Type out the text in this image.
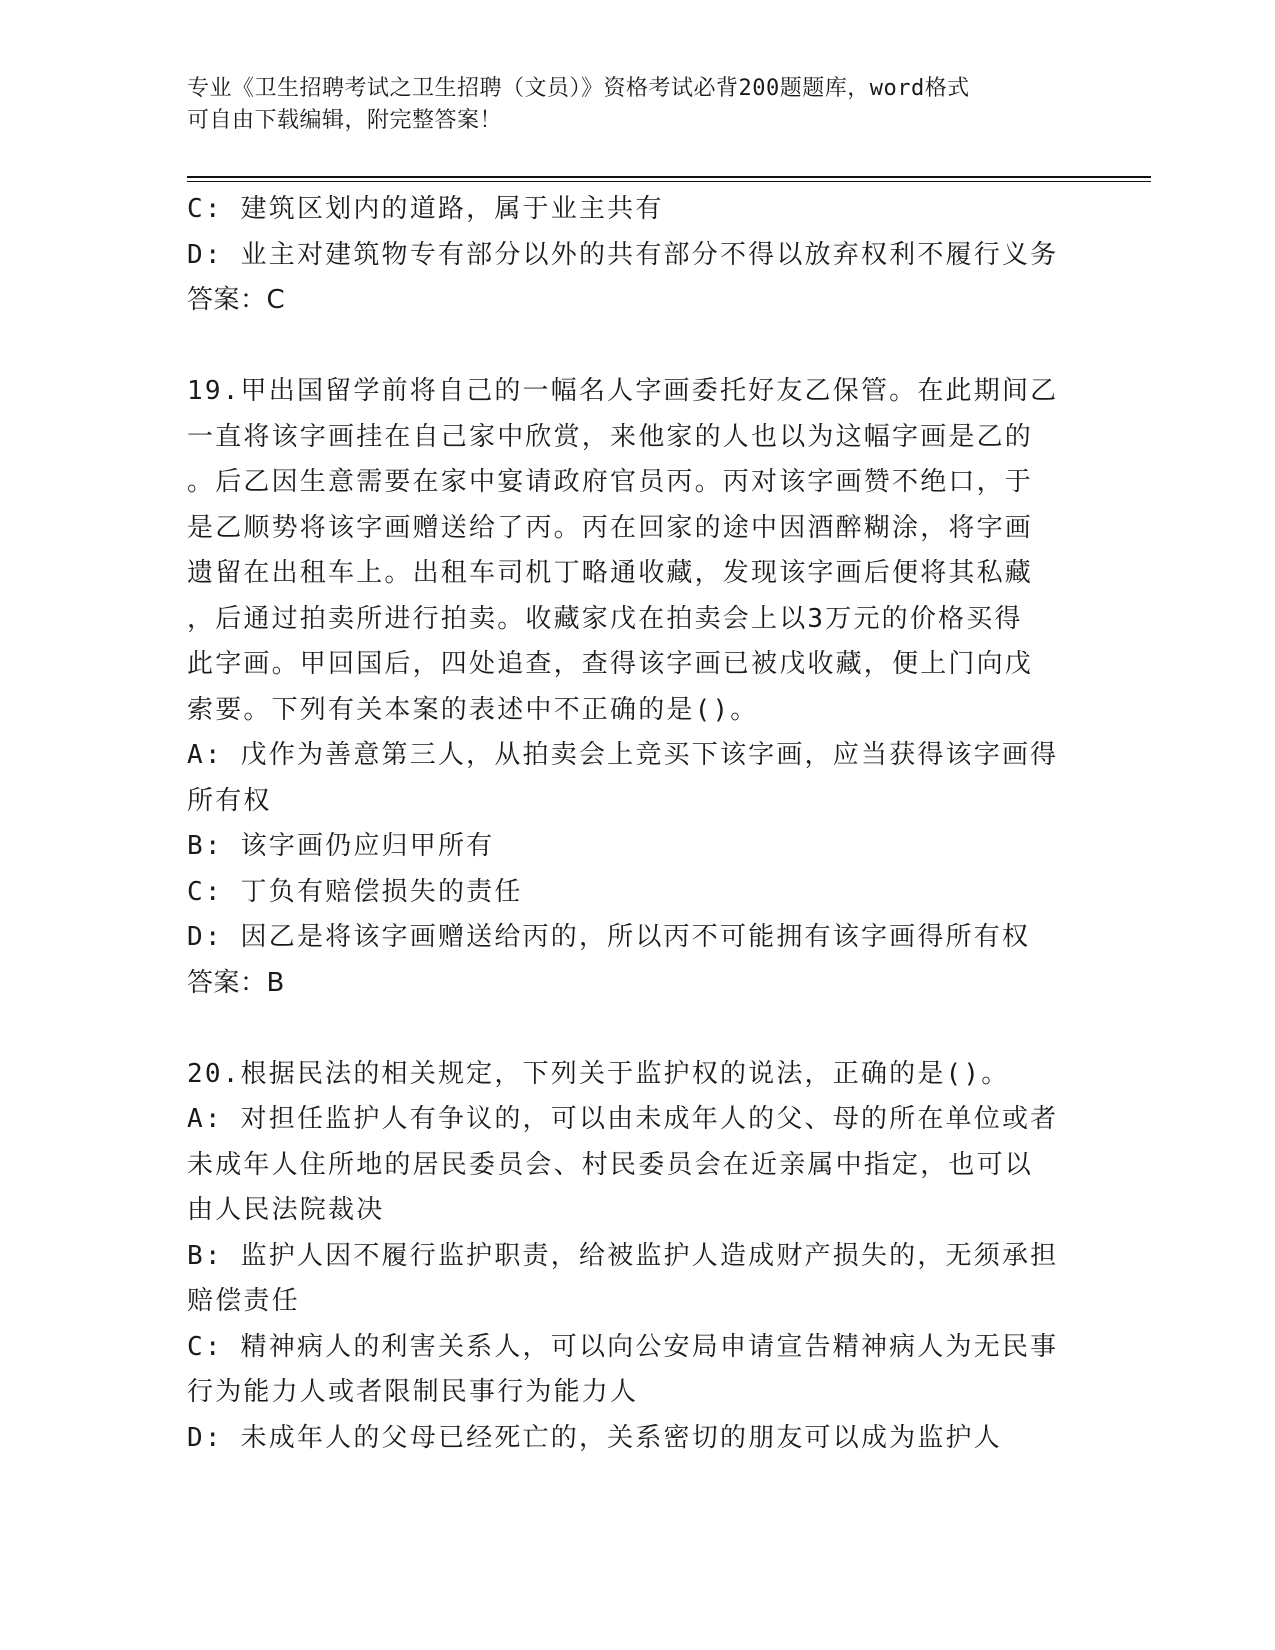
专业《卫生招聘考试之卫生招聘（文员）》资格考试必背200题题库，word格式

可自由下载编辑，附完整答案！

C: 建筑区划内的道路，属于业主共有
D: 业主对建筑物专有部分以外的共有部分不得以放弃权利不履行义务
答案：C
19.甲出国留学前将自己的一幅名人字画委托好友乙保管。在此期间乙
一直将该字画挂在自己家中欣赏，来他家的人也以为这幅字画是乙的
。后乙因生意需要在家中宴请政府官员丙。丙对该字画赞不绝口，于
是乙顺势将该字画赠送给了丙。丙在回家的途中因酒醉糊涂，将字画
遗留在出租车上。出租车司机丁略通收藏，发现该字画后便将其私藏
，后通过拍卖所进行拍卖。收藏家戊在拍卖会上以3万元的价格买得
此字画。甲回国后，四处追查，查得该字画已被戊收藏，便上门向戊
索要。下列有关本案的表述中不正确的是()。
A: 戊作为善意第三人，从拍卖会上竞买下该字画，应当获得该字画得
所有权
B: 该字画仍应归甲所有
C: 丁负有赔偿损失的责任
D: 因乙是将该字画赠送给丙的，所以丙不可能拥有该字画得所有权
答案：B
20.根据民法的相关规定，下列关于监护权的说法，正确的是()。
A: 对担任监护人有争议的，可以由未成年人的父、母的所在单位或者
未成年人住所地的居民委员会、村民委员会在近亲属中指定，也可以
由人民法院裁决
B: 监护人因不履行监护职责，给被监护人造成财产损失的，无须承担
赔偿责任
C: 精神病人的利害关系人，可以向公安局申请宣告精神病人为无民事
行为能力人或者限制民事行为能力人
D: 未成年人的父母已经死亡的，关系密切的朋友可以成为监护人
